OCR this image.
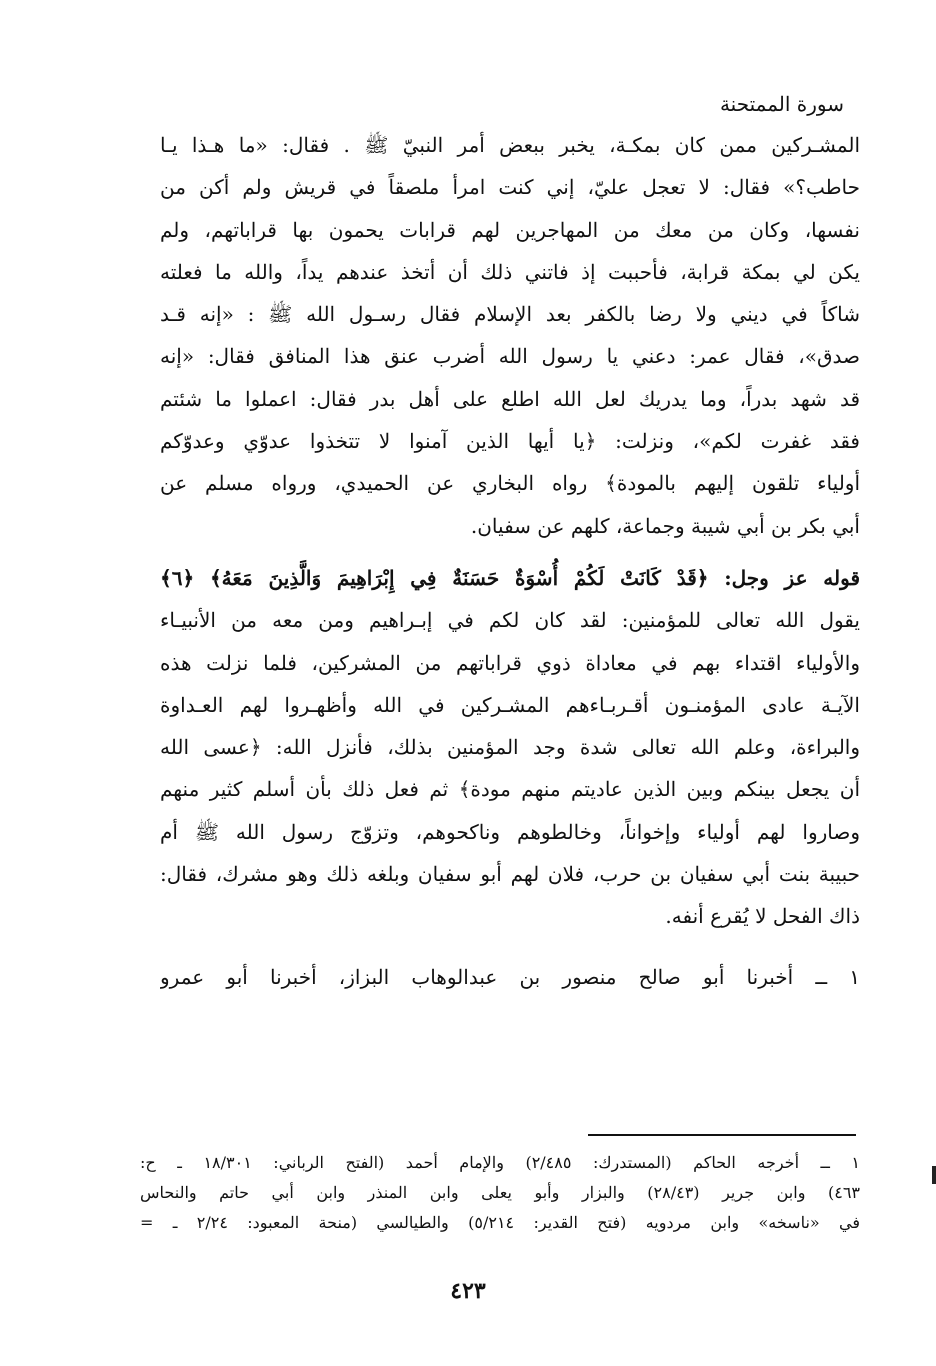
سورة الممتحنة

المشـركين ممن كان بمكـة، يخبر ببعض أمر النبيّ ﷺ . فقال: «ما هـذا يـا
حاطب؟» فقال: لا تعجل عليّ، إني كنت امرأ ملصقاً في قريش ولم أكن من
نفسها، وكان من معك من المهاجرين لهم قرابات يحمون بها قراباتهم، ولم
يكن لي بمكة قرابة، فأحببت إذ فاتني ذلك أن أتخذ عندهم يداً، والله ما فعلته
شاكاً في ديني ولا رضا بالكفر بعد الإسلام فقال رسـول الله ﷺ : «إنه قـد
صدق»، فقال عمر: دعني يا رسول الله أضرب عنق هذا المنافق فقال: «إنه
قد شهد بدراً، وما يدريك لعل الله اطلع على أهل بدر فقال: اعملوا ما شئتم
فقد غفرت لكم»، ونزلت: ﴿يا أيها الذين آمنوا لا تتخذوا عدوّي وعدوّكم
أولياء تلقون إليهم بالمودة﴾ رواه البخاري عن الحميدي، ورواه مسلم عن
أبي بكر بن أبي شيبة وجماعة، كلهم عن سفيان.

قوله عز وجل: ﴿قَدْ كَانَتْ لَكُمْ أُسْوَةٌ حَسَنَةٌ فِي إِبْرَاهِيمَ وَالَّذِينَ مَعَهُ﴾ ﴿٦﴾

يقول الله تعالى للمؤمنين: لقد كان لكم في إبـراهيم ومن معه من الأنبيـاء
والأولياء اقتداء بهم في معاداة ذوي قراباتهم من المشركين، فلما نزلت هذه
الآيـة عادى المؤمنـون أقـربـاءهم المشـركين في الله وأظهـروا لهم العـداوة
والبراءة، وعلم الله تعالى شدة وجد المؤمنين بذلك، فأنزل الله: ﴿عسى الله
أن يجعل بينكم وبين الذين عاديتم منهم مودة﴾ ثم فعل ذلك بأن أسلم كثير منهم
وصاروا لهم أولياء وإخواناً، وخالطوهم وناكحوهم، وتزوّج رسول الله ﷺ أم
حبيبة بنت أبي سفيان بن حرب، فلان لهم أبو سفيان وبلغه ذلك وهو مشرك، فقال:
ذاك الفحل لا يُقرع أنفه.

١ ــ أخبرنا أبو صالح منصور بن عبدالوهاب البزاز، أخبرنا أبو عمرو

١ ــ أخرجه الحاكم (المستدرك: ٢/٤٨٥) والإمام أحمد (الفتح الرباني: ١٨/٣٠١ ـ ح:
٤٦٣) وابن جرير (٢٨/٤٣) والبزار وأبو يعلى وابن المنذر وابن أبي حاتم والنحاس
في «ناسخه» وابن مردويه (فتح القدير: ٥/٢١٤) والطيالسي (منحة المعبود: ٢/٢٤ ـ =
٤٢٣
